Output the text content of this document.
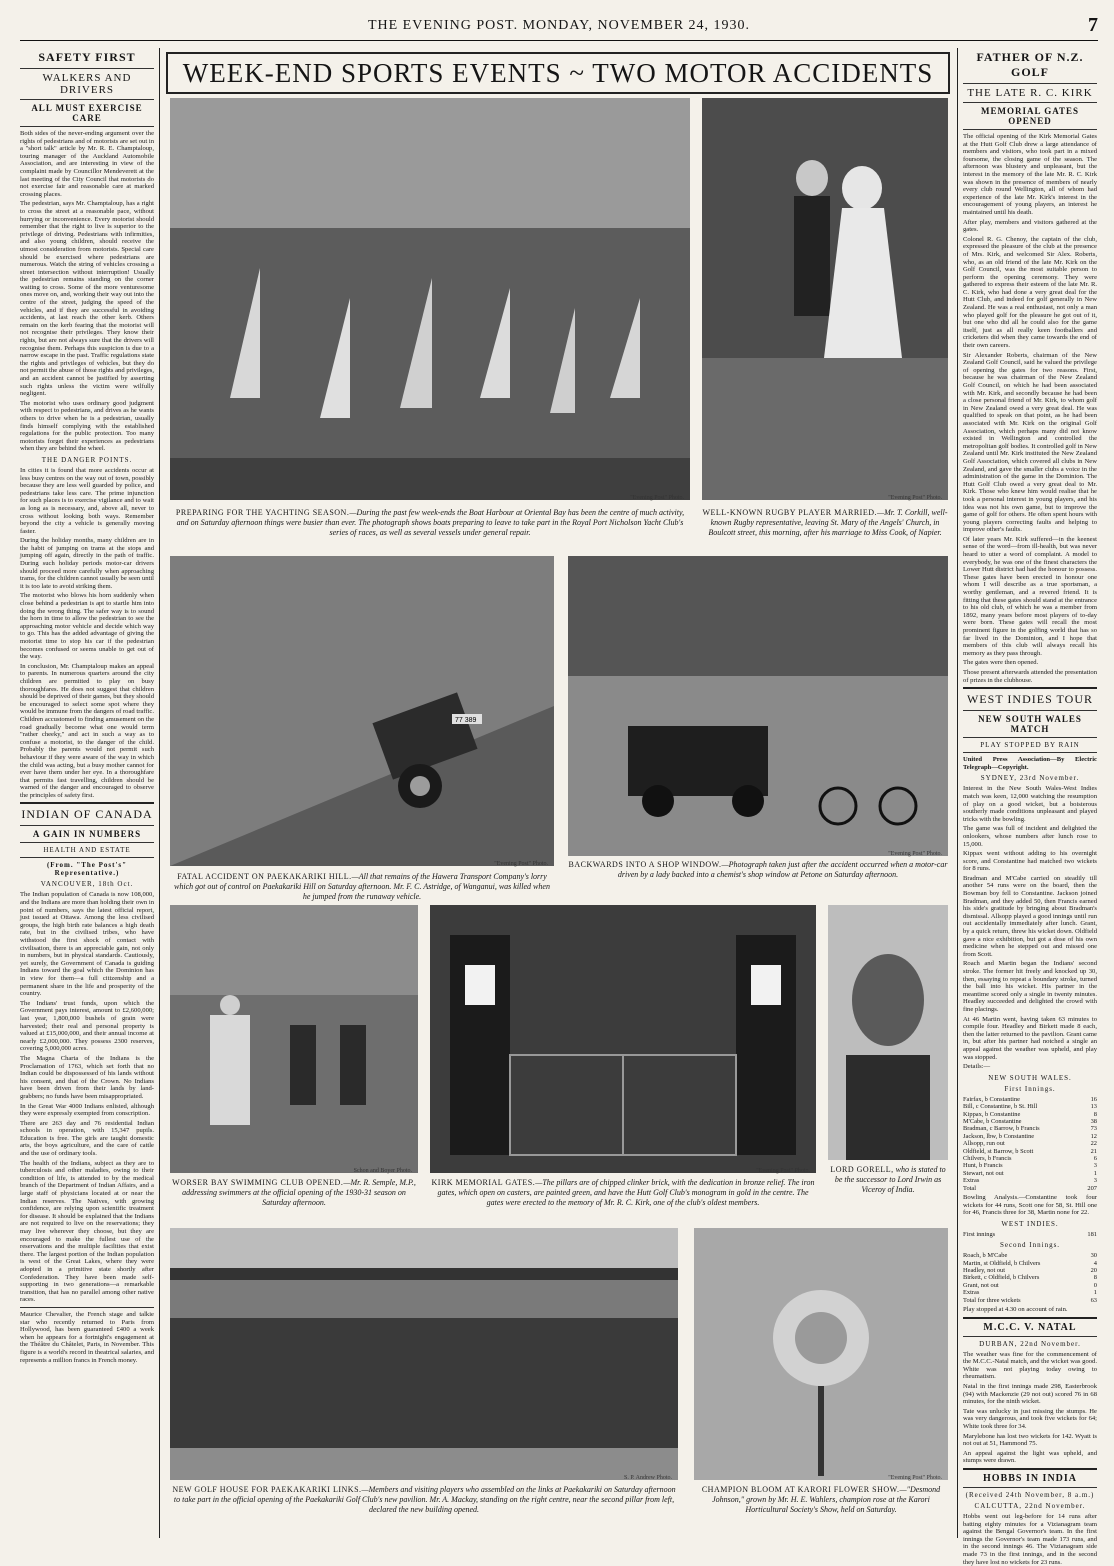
THE EVENING POST. MONDAY, NOVEMBER 24, 1930.	7
SAFETY FIRST
WALKERS AND DRIVERS
ALL MUST EXERCISE CARE

Both sides of the never-ending argument over the rights of pedestrians and of motorists are set out in a "short talk" article by Mr. R. E. Champtaloup, touring manager of the Auckland Automobile Association, and are interesting in view of the complaint made by Councillor Mendeverett at the last meeting of the City Council that motorists do not exercise fair and reasonable care at marked crossing places.

The pedestrian, says Mr. Champtaloup, has a right to cross the street at a reasonable pace, without hurrying or inconvenience. Every motorist should remember that the right to live is superior to the privilege of driving. Pedestrians with infirmities, and also young children, should receive the utmost consideration from motorists. Special care should be exercised where pedestrians are numerous. Watch the string of vehicles crossing a street intersection without interruption! Usually the pedestrian remains standing on the corner waiting to cross. Some of the more venturesome ones move on, and, working their way out into the centre of the street, judging the speed of the vehicles, and if they are successful in avoiding accidents, at last reach the other kerb. Others remain on the kerb fearing that the motorist will not recognise their privileges. They know their rights, but are not always sure that the drivers will recognise them. Perhaps this suspicion is due to a narrow escape in the past. Traffic regulations state the rights and privileges of vehicles, but they do not permit the abuse of those rights and privileges, and an accident cannot be justified by asserting such rights unless the victim were wilfully negligent.

The motorist who uses ordinary good judgment with respect to pedestrians, and drives as he wants others to drive when he is a pedestrian, usually finds himself complying with the established regulations for the public protection. Too many motorists forget their experiences as pedestrians when they are behind the wheel.

THE DANGER POINTS.

In cities it is found that more accidents occur at less busy centres on the way out of town, possibly because they are less well guarded by police, and pedestrians take less care. The prime injunction for such places is to exercise vigilance and to wait as long as is necessary, and, above all, never to cross without looking both ways. Remember beyond the city a vehicle is generally moving faster.

During the holiday months, many children are in the habit of jumping on trams at the stops and jumping off again, directly in the path of traffic. During such holiday periods motor-car drivers should proceed more carefully when approaching trams, for the children cannot usually be seen until it is too late to avoid striking them.

The motorist who blows his horn suddenly when close behind a pedestrian is apt to startle him into doing the wrong thing. The safer way is to sound the horn in time to allow the pedestrian to see the approaching motor vehicle and decide which way to go. This has the added advantage of giving the motorist time to stop his car if the pedestrian becomes confused or seems unable to get out of the way.

In conclusion, Mr. Champtaloup makes an appeal to parents. In numerous quarters around the city children are permitted to play on busy thoroughfares. He does not suggest that children should be deprived of their games, but they should be encouraged to select some spot where they would be immune from the dangers of road traffic. Children accustomed to finding amusement on the road gradually become what one would term "rather cheeky," and act in such a way as to confuse a motorist, to the danger of the child. Probably the parents would not permit such behaviour if they were aware of the way in which the child was acting, but a busy mother cannot for ever have them under her eye. In a thoroughfare that permits fast travelling, children should be warned of the danger and encouraged to observe the principles of safety first.

INDIAN OF CANADA
A GAIN IN NUMBERS
HEALTH AND ESTATE
(From. "The Post's" Representative.)
VANCOUVER, 18th Oct.

The Indian population of Canada is now 108,000, and the Indians are more than holding their own in point of numbers, says the latest official report, just issued at Ottawa. Among the less civilised groups, the high birth rate balances a high death rate, but in the civilised tribes, who have withstood the first shock of contact with civilisation, there is an appreciable gain, not only in numbers, but in physical standards. Cautiously, yet surely, the Government of Canada is guiding Indians toward the goal which the Dominion has in view for them—a full citizenship and a permanent share in the life and prosperity of the country.

The Indians' trust funds, upon which the Government pays interest, amount to £2,600,000; last year, 1,800,000 bushels of grain were harvested; their real and personal property is valued at £15,000,000, and their annual income at nearly £2,000,000. They possess 2300 reserves, covering 5,000,000 acres.

The Magna Charta of the Indians is the Proclamation of 1763, which set forth that no Indian could be dispossessed of his lands without his consent, and that of the Crown. No Indians have been driven from their lands by land-grabbers; no funds have been misappropriated.

In the Great War 4000 Indians enlisted, although they were expressly exempted from conscription.

There are 263 day and 76 residential Indian schools in operation, with 15,347 pupils. Education is free. The girls are taught domestic arts, the boys agriculture, and the care of cattle and the use of ordinary tools.

The health of the Indians, subject as they are to tuberculosis and other maladies, owing to their condition of life, is attended to by the medical branch of the Department of Indian Affairs, and a large staff of physicians located at or near the Indian reserves. The Natives, with growing confidence, are relying upon scientific treatment for disease. It should be explained that the Indians are not required to live on the reservations; they may live wherever they choose, but they are encouraged to make the fullest use of the reservations and the multiple facilities that exist there. The largest portion of the Indian population is west of the Great Lakes, where they were adopted in a primitive state shortly after Confederation. They have been made self-supporting in two generations—a remarkable transition, that has no parallel among other native races.

Maurice Chevalier, the French stage and talkie star who recently returned to Paris from Hollywood, has been guaranteed £400 a week when he appears for a fortnight's engagement at the Théâtre du Châtelet, Paris, in November. This figure is a world's record in theatrical salaries, and represents a million francs in French money.

FATHER OF N.Z. GOLF
THE LATE R. C. KIRK
MEMORIAL GATES OPENED

The official opening of the Kirk Memorial Gates at the Hutt Golf Club drew a large attendance of members and visitors, who took part in a mixed foursome, the closing game of the season. The afternoon was blustery and unpleasant, but the interest in the memory of the late Mr. R. C. Kirk was shown in the presence of members of nearly every club round Wellington, all of whom had experience of the late Mr. Kirk's interest in the encouragement of young players, an interest he maintained until his death.

After play, members and visitors gathered at the gates.

Colonel R. G. Chenoy, the captain of the club, expressed the pleasure of the club at the presence of Mrs. Kirk, and welcomed Sir Alex. Roberts, who, as an old friend of the late Mr. Kirk on the Golf Council, was the most suitable person to perform the opening ceremony. They were gathered to express their esteem of the late Mr. R. C. Kirk, who had done a very great deal for the Hutt Club, and indeed for golf generally in New Zealand. He was a real enthusiast, not only a man who played golf for the pleasure he got out of it, but one who did all he could also for the game itself, just as all really keen footballers and cricketers did when they came towards the end of their own careers.

Sir Alexander Roberts, chairman of the New Zealand Golf Council, said he valued the privilege of opening the gates for two reasons. First, because he was chairman of the New Zealand Golf Council, on which he had been associated with Mr. Kirk, and secondly because he had been a close personal friend of Mr. Kirk, to whom golf in New Zealand owed a very great deal. He was qualified to speak on that point, as he had been associated with Mr. Kirk on the original Golf Association, which perhaps many did not know existed in Wellington and controlled the metropolitan golf bodies. It controlled golf in New Zealand until Mr. Kirk instituted the New Zealand Golf Association, which covered all clubs in New Zealand, and gave the smaller clubs a voice in the administration of the game in the Dominion. The Hutt Golf Club owed a very great deal to Mr. Kirk. Those who knew him would realise that he took a personal interest in young players, and his idea was not his own game, but to improve the game of golf for others. He often spent hours with young players correcting faults and helping to improve other's faults.

Of later years Mr. Kirk suffered—in the keenest sense of the word—from ill-health, but was never heard to utter a word of complaint. A model to everybody, he was one of the finest characters the Lower Hutt district had had the honour to possess. These gates have been erected in honour one whom I will describe as a true sportsman, a worthy gentleman, and a revered friend. It is fitting that these gates should stand at the entrance to his old club, of which he was a member from 1892, many years before most players of to-day were born. These gates will recall the most prominent figure in the golfing world that has so far lived in the Dominion, and I hope that members of this club will always recall his memory as they pass through.

The gates were then opened.

Those present afterwards attended the presentation of prizes in the clubhouse.

WEST INDIES TOUR
NEW SOUTH WALES MATCH
PLAY STOPPED BY RAIN

United Press Association—By Electric Telegraph—Copyright.

SYDNEY, 23rd November.

Interest in the New South Wales-West Indies match was keen, 12,000 watching the resumption of play on a good wicket, but a boisterous southerly made conditions unpleasant and played tricks with the bowling.

The game was full of incident and delighted the onlookers, whose numbers after lunch rose to 15,000.

Kippax went without adding to his overnight score, and Constantine had matched two wickets for 8 runs.

Bradman and M'Cabe carried on steadily till another 54 runs were on the board, then the Bowman boy fell to Constantine. Jackson joined Bradman, and they added 50, then Francis earned his side's gratitude by bringing about Bradman's dismissal. Allsopp played a good innings until run out accidentally immediately after lunch. Grant, by a quick return, threw his wicket down. Oldfield gave a nice exhibition, but got a dose of his own medicine when he stepped out and missed one from Scott.

Roach and Martin began the Indians' second stroke. The former hit freely and knocked up 30, then, essaying to repeat a boundary stroke, turned the ball into his wicket. His partner in the meantime scored only a single in twenty minutes. Headley succeeded and delighted the crowd with fine placings.

At 46 Martin went, having taken 63 minutes to compile four. Headley and Birkett made 8 each, then the latter returned to the pavilion. Grant came in, but after his partner had notched a single an appeal against the weather was upheld, and play was stopped.

Details:—
NEW SOUTH WALES.
First Innings.
Fairfax, b Constantine	16
Bill, c Constantine, b St. Hill	13
Kippax, b Constantine	8
M'Cabe, b Constantine	38
Bradman, c Barrow, b Francis	73
Jackson, lbw, b Constantine	12
Allsopp, run out	22
Oldfield, st Barrow, b Scott	21
Chilvers, b Francis	6
Hunt, b Francis	3
Stewart, not out	1
Extras	3
Total	207

Bowling Analysis.—Constantine took four wickets for 44 runs, Scott one for 58, St. Hill one for 46, Francis three for 38, Martin none for 22.

WEST INDIES.
First innings	181
Second Innings.
Roach, b M'Cabe	30
Martin, st Oldfield, b Chilvers	4
Headley, not out	20
Birkett, c Oldfield, b Chilvers	8
Grant, not out	0
Extras	1
Total for three wickets	63

Play stopped at 4.30 on account of rain.

M.C.C. V. NATAL
DURBAN, 22nd November.

The weather was fine for the commencement of the M.C.C.-Natal match, and the wicket was good. White was not playing today owing to rheumatism.

Natal in the first innings made 298, Easterbrook (94) with Mackenzie (29 not out) scored 76 in 68 minutes, for the ninth wicket.

Tate was unlucky in just missing the stumps. He was very dangerous, and took five wickets for 64; White took three for 34.

Marylebone has lost two wickets for 142. Wyatt is not out at 51, Hammond 75.

An appeal against the light was upheld, and stumps were drawn.

HOBBS IN INDIA
(Received 24th November, 8 a.m.)
CALCUTTA, 22nd November.

Hobbs went out leg-before for 14 runs after batting eighty minutes for a Vizianagram team against the Bengal Governor's team. In the first innings the Governor's team made 173 runs, and in the second innings 46. The Vizianagram side made 73 in the first innings, and in the second they have lost no wickets for 23 runs.

WEEK-END SPORTS EVENTS ~ TWO MOTOR ACCIDENTS
"Evening Post" Photo.
PREPARING FOR THE YACHTING SEASON.—During the past few week-ends the Boat Harbour at Oriental Bay has been the centre of much activity, and on Saturday afternoon things were busier than ever. The photograph shows boats preparing to leave to take part in the Royal Port Nicholson Yacht Club's series of races, as well as several vessels under general repair.
"Evening Post" Photo.
WELL-KNOWN RUGBY PLAYER MARRIED.—Mr. T. Corkill, well-known Rugby representative, leaving St. Mary of the Angels' Church, in Boulcott street, this morning, after his marriage to Miss Cook, of Napier.
77 389
"Evening Post" Photo.
FATAL ACCIDENT ON PAEKAKARIKI HILL.—All that remains of the Hawera Transport Company's lorry which got out of control on Paekakariki Hill on Saturday afternoon. Mr. F. C. Astridge, of Wanganui, was killed when he jumped from the runaway vehicle.
"Evening Post" Photo.
BACKWARDS INTO A SHOP WINDOW.—Photograph taken just after the accident occurred when a motor-car driven by a lady backed into a chemist's shop window at Petone on Saturday afternoon.
Schon and Boyer Photo.
WORSER BAY SWIMMING CLUB OPENED.—Mr. R. Semple, M.P., addressing swimmers at the official opening of the 1930-31 season on Saturday afternoon.
"Evening Post" Photo.
KIRK MEMORIAL GATES.—The pillars are of chipped clinker brick, with the dedication in bronze relief. The iron gates, which open on casters, are painted green, and have the Hutt Golf Club's monogram in gold in the centre. The gates were erected to the memory of Mr. R. C. Kirk, one of the club's oldest members.
LORD GORELL, who is stated to be the successor to Lord Irwin as Viceroy of India.
S. P. Andrew Photo.
NEW GOLF HOUSE FOR PAEKAKARIKI LINKS.—Members and visiting players who assembled on the links at Paekakariki on Saturday afternoon to take part in the official opening of the Paekakariki Golf Club's new pavilion. Mr. A. Mackay, standing on the right centre, near the second pillar from left, declared the new building opened.
"Evening Post" Photo.
CHAMPION BLOOM AT KARORI FLOWER SHOW.—"Desmond Johnson," grown by Mr. H. E. Wahlers, champion rose at the Karori Horticultural Society's Show, held on Saturday.
